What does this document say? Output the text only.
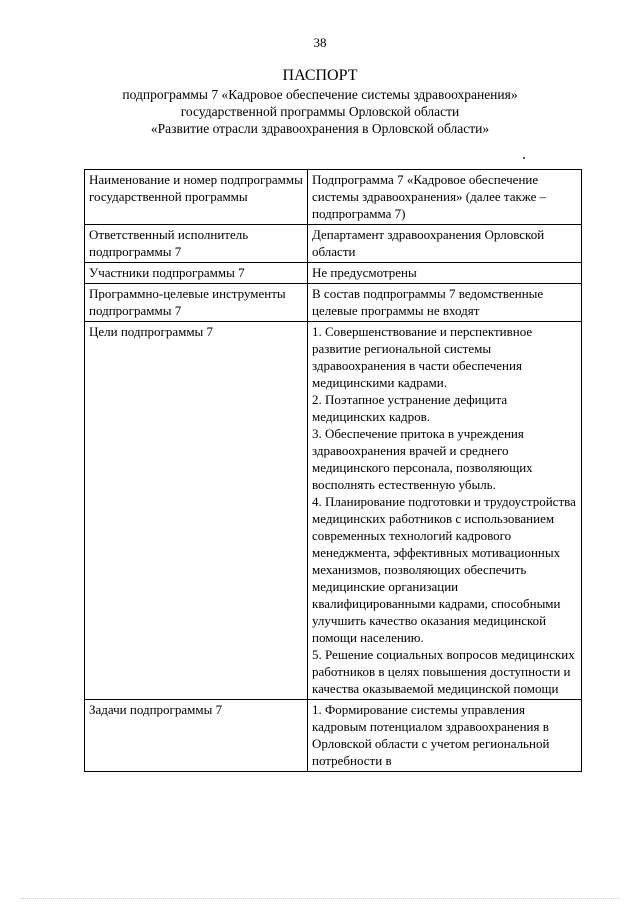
38
ПАСПОРТ
подпрограммы 7 «Кадровое обеспечение системы здравоохранения»
государственной программы Орловской области
«Развитие отрасли здравоохранения в Орловской области»
Наименование и номер подпрограммы государственной программы	Подпрограмма 7 «Кадровое обеспечение системы здравоохранения» (далее также – подпрограмма 7)
Ответственный исполнитель подпрограммы 7	Департамент здравоохранения Орловской области
Участники подпрограммы 7	Не предусмотрены
Программно-целевые инструменты подпрограммы 7	В состав подпрограммы 7 ведомственные целевые программы не входят
Цели подпрограммы 7	1. Совершенствование и перспективное развитие региональной системы здравоохранения в части обеспечения медицинскими кадрами.
2. Поэтапное устранение дефицита медицинских кадров.
3. Обеспечение притока в учреждения здравоохранения врачей и среднего медицинского персонала, позволяющих восполнять естественную убыль.
4. Планирование подготовки и трудоустройства медицинских работников с использованием современных технологий кадрового менеджмента, эффективных мотивационных механизмов, позволяющих обеспечить медицинские организации квалифицированными кадрами, способными улучшить качество оказания медицинской помощи населению.
5. Решение социальных вопросов медицинских работников в целях повышения доступности и качества оказываемой медицинской помощи

Задачи подпрограммы 7	1. Формирование системы управления кадровым потенциалом здравоохранения в Орловской области с учетом региональной потребности в
